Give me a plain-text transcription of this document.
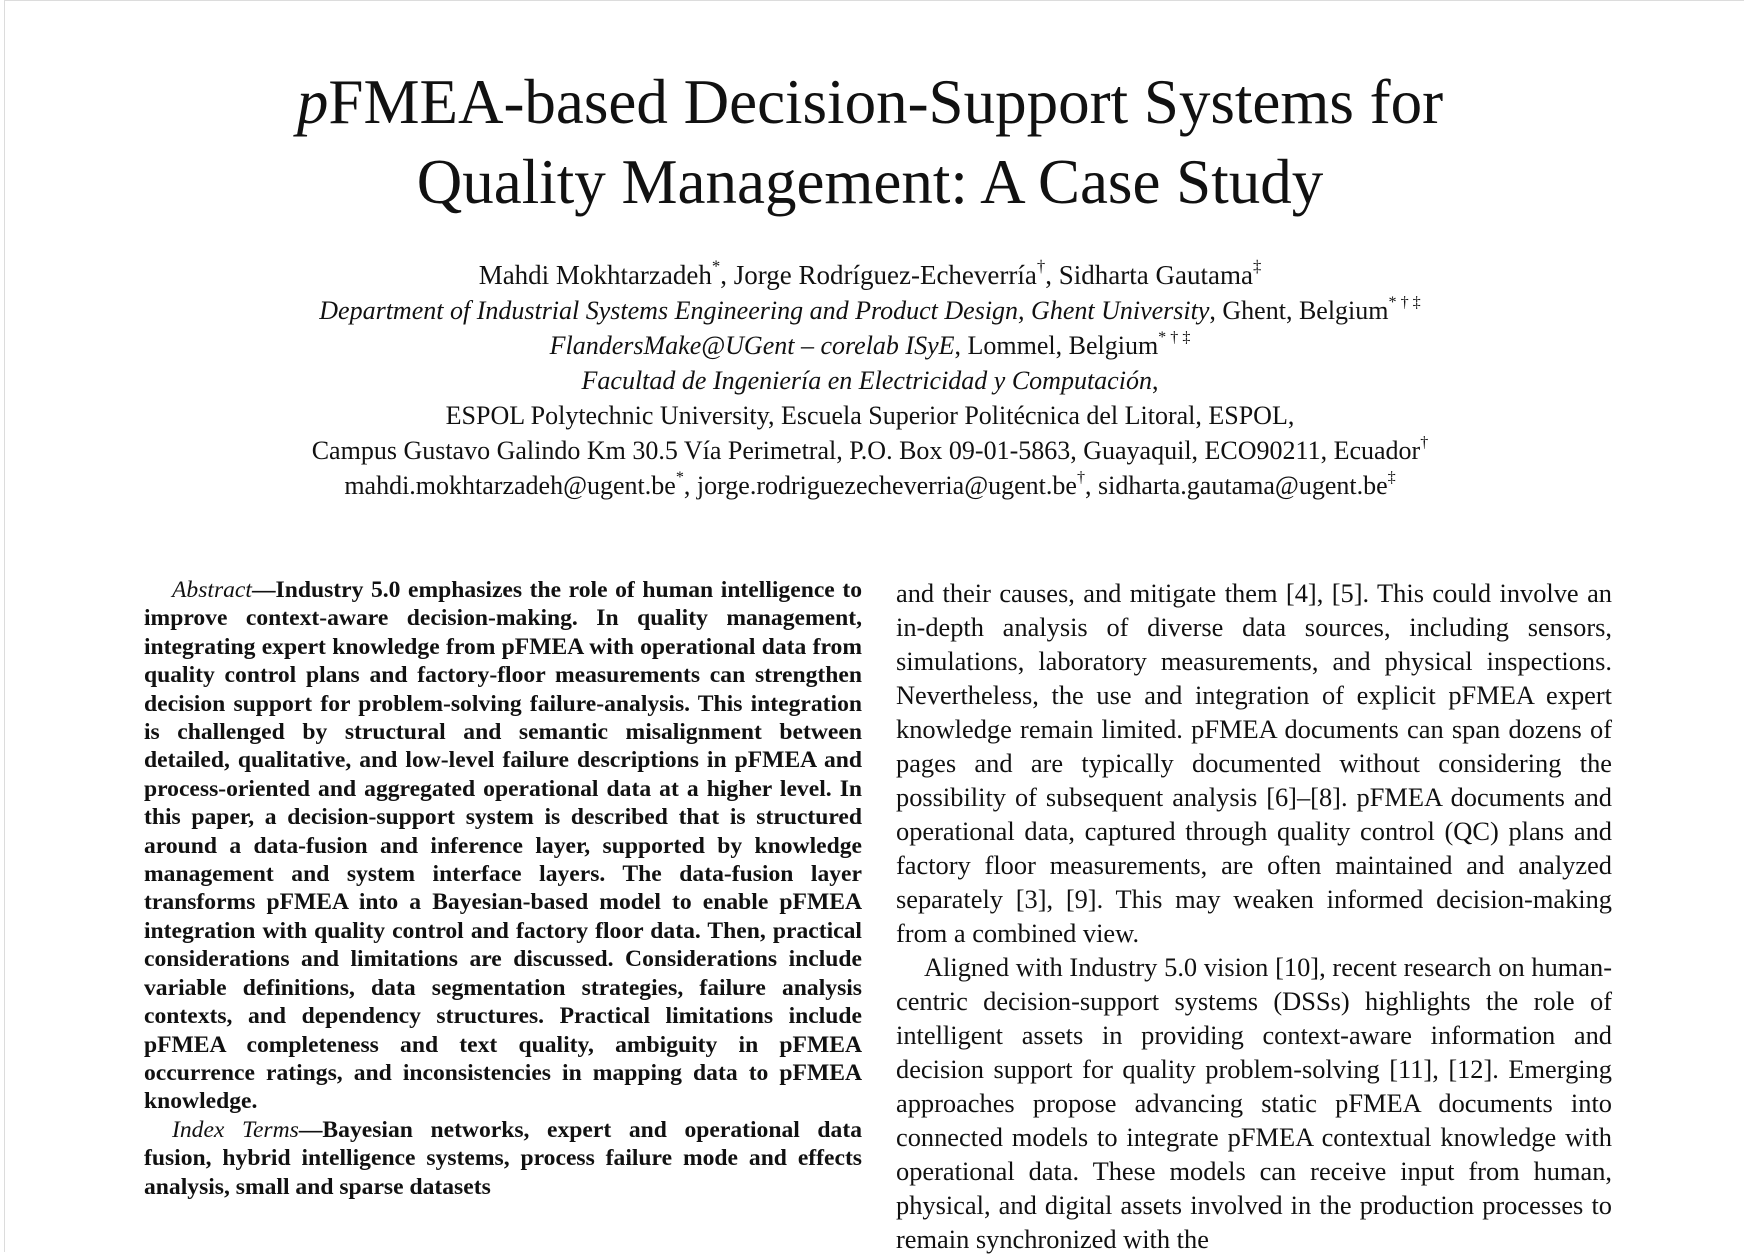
pFMEA-based Decision-Support Systems for
Quality Management: A Case Study
Mahdi Mokhtarzadeh*, Jorge Rodríguez-Echeverría†, Sidharta Gautama‡
Department of Industrial Systems Engineering and Product Design, Ghent University, Ghent, Belgium* † ‡
FlandersMake@UGent – corelab ISyE, Lommel, Belgium* † ‡
Facultad de Ingeniería en Electricidad y Computación,
ESPOL Polytechnic University, Escuela Superior Politécnica del Litoral, ESPOL,
Campus Gustavo Galindo Km 30.5 Vía Perimetral, P.O. Box 09-01-5863, Guayaquil, ECO90211, Ecuador†
mahdi.mokhtarzadeh@ugent.be*, jorge.rodriguezecheverria@ugent.be†, sidharta.gautama@ugent.be‡

Abstract—Industry 5.0 emphasizes the role of human intelligence to improve context-aware decision-making. In quality management, integrating expert knowledge from pFMEA with operational data from quality control plans and factory-floor measurements can strengthen decision support for problem-solving failure-analysis. This integration is challenged by structural and semantic misalignment between detailed, qualitative, and low-level failure descriptions in pFMEA and process-oriented and aggregated operational data at a higher level. In this paper, a decision-support system is described that is structured around a data-fusion and inference layer, supported by knowledge management and system interface layers. The data-fusion layer transforms pFMEA into a Bayesian-based model to enable pFMEA integration with quality control and factory floor data. Then, practical considerations and limitations are discussed. Considerations include variable definitions, data segmentation strategies, failure analysis contexts, and dependency structures. Practical limitations include pFMEA completeness and text quality, ambiguity in pFMEA occurrence ratings, and inconsistencies in mapping data to pFMEA knowledge.

Index Terms—Bayesian networks, expert and operational data fusion, hybrid intelligence systems, process failure mode and effects analysis, small and sparse datasets

and their causes, and mitigate them [4], [5]. This could involve an in-depth analysis of diverse data sources, including sensors, simulations, laboratory measurements, and physical inspections. Nevertheless, the use and integration of explicit pFMEA expert knowledge remain limited. pFMEA documents can span dozens of pages and are typically documented without considering the possibility of subsequent analysis [6]–[8]. pFMEA documents and operational data, captured through quality control (QC) plans and factory floor measurements, are often maintained and analyzed separately [3], [9]. This may weaken informed decision-making from a combined view.

Aligned with Industry 5.0 vision [10], recent research on human-centric decision-support systems (DSSs) highlights the role of intelligent assets in providing context-aware information and decision support for quality problem-solving [11], [12]. Emerging approaches propose advancing static pFMEA documents into connected models to integrate pFMEA contextual knowledge with operational data. These models can receive input from human, physical, and digital assets involved in the production processes to remain synchronized with the
